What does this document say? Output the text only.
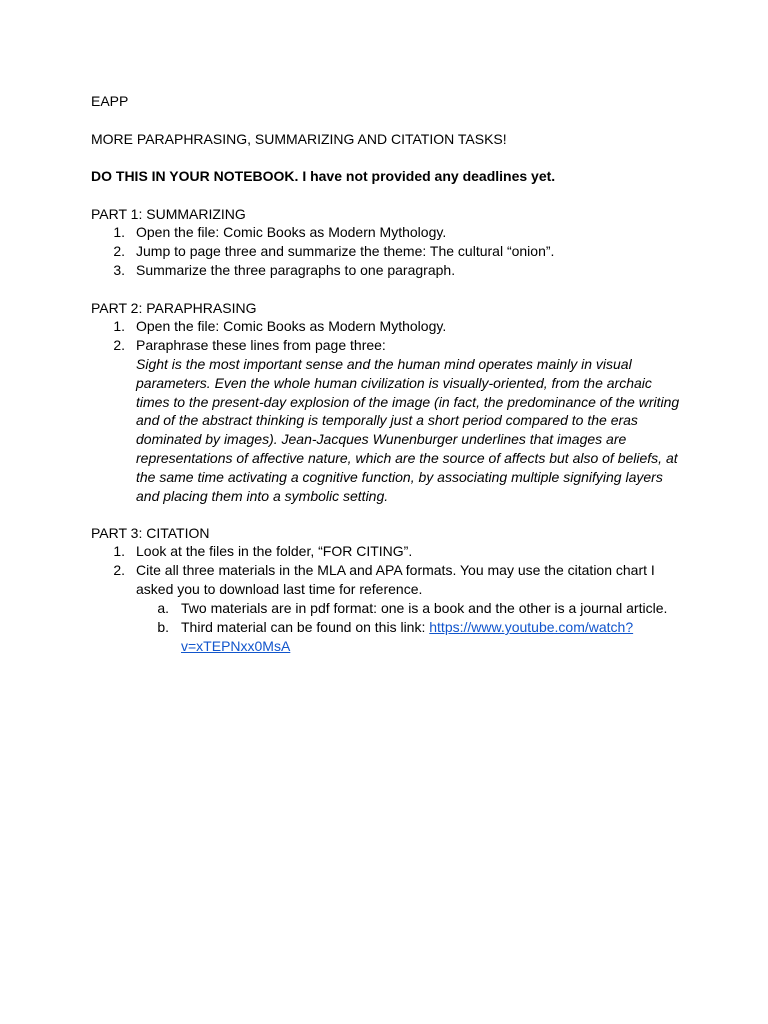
EAPP
MORE PARAPHRASING, SUMMARIZING AND CITATION TASKS!
DO THIS IN YOUR NOTEBOOK. I have not provided any deadlines yet.
PART 1: SUMMARIZING
1. Open the file: Comic Books as Modern Mythology.
2. Jump to page three and summarize the theme: The cultural “onion”.
3. Summarize the three paragraphs to one paragraph.
PART 2: PARAPHRASING
1. Open the file: Comic Books as Modern Mythology.
2. Paraphrase these lines from page three:
Sight is the most important sense and the human mind operates mainly in visual
parameters. Even the whole human civilization is visually-oriented, from the archaic
times to the present-day explosion of the image (in fact, the predominance of the writing
and of the abstract thinking is temporally just a short period compared to the eras
dominated by images). Jean-Jacques Wunenburger underlines that images are
representations of affective nature, which are the source of affects but also of beliefs, at
the same time activating a cognitive function, by associating multiple signifying layers
and placing them into a symbolic setting.
PART 3: CITATION
1. Look at the files in the folder, “FOR CITING”.
2. Cite all three materials in the MLA and APA formats. You may use the citation chart I
asked you to download last time for reference.
a. Two materials are in pdf format: one is a book and the other is a journal article.
b. Third material can be found on this link: https://www.youtube.com/watch?
v=xTEPNxx0MsA
